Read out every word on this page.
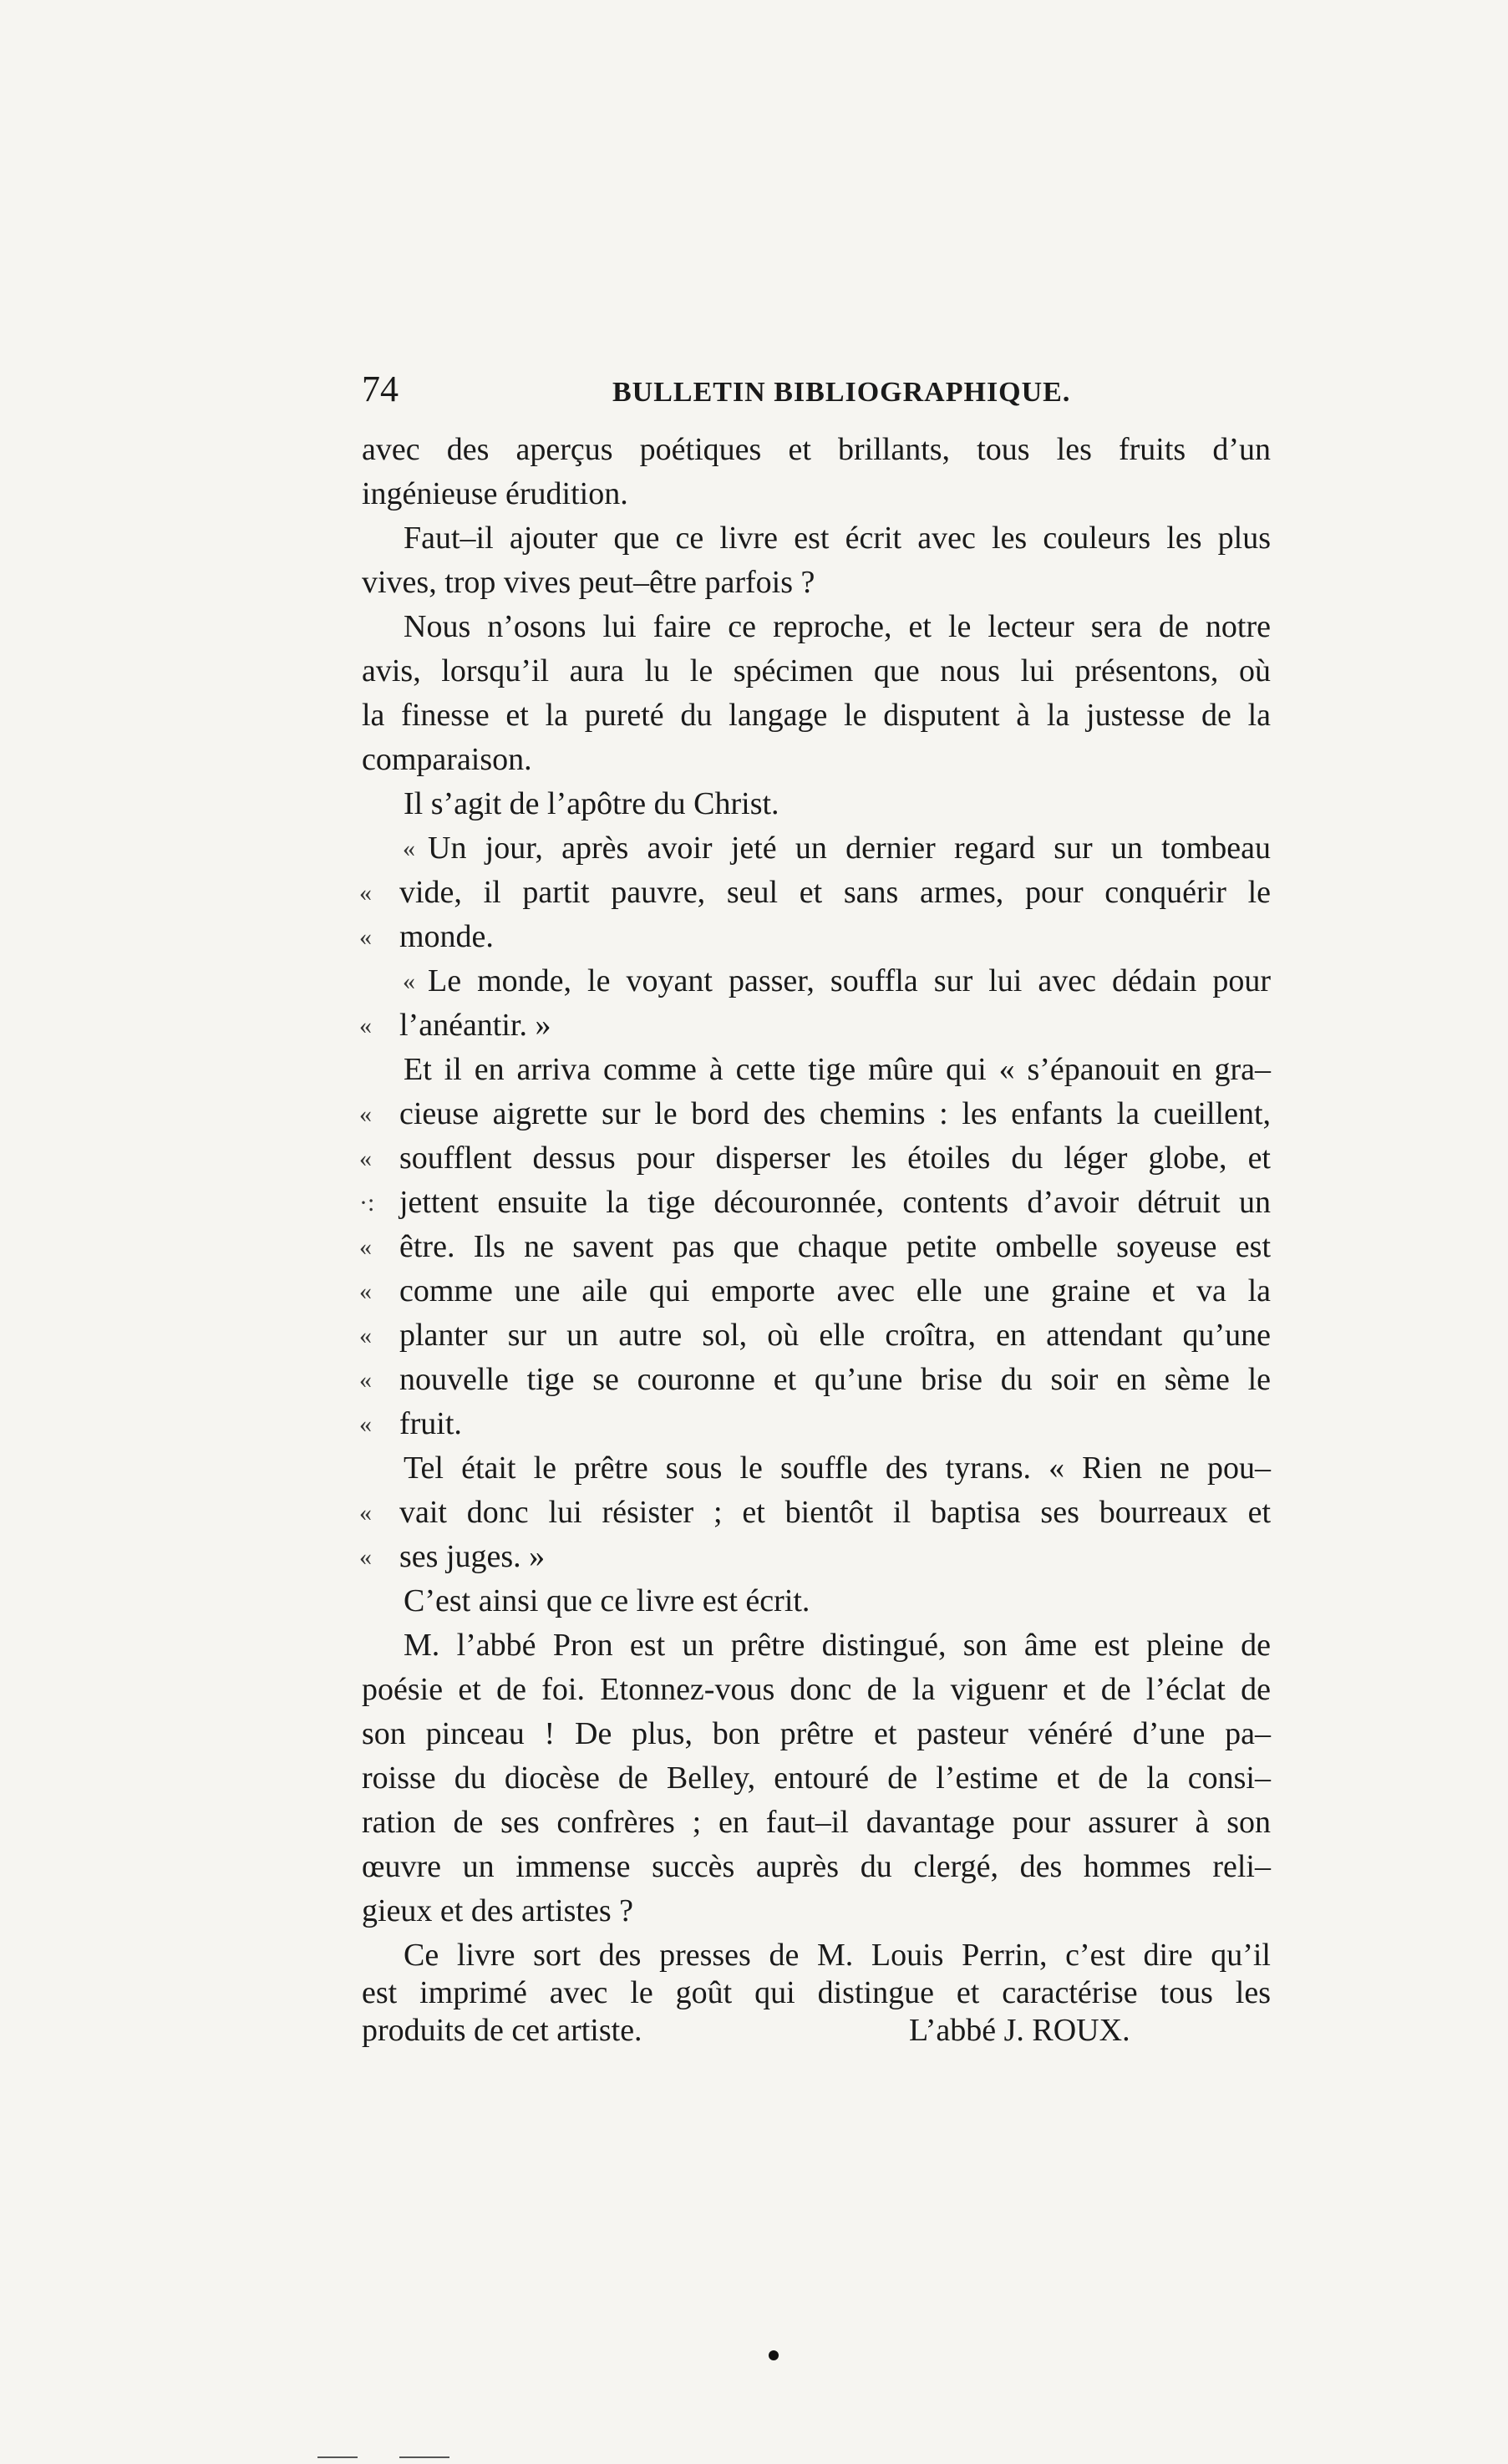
74	BULLETIN BIBLIOGRAPHIQUE.
avec des aperçus poétiques et brillants, tous les fruits d’un
ingénieuse érudition.
Faut–il ajouter que ce livre est écrit avec les couleurs les plus
vives, trop vives peut–être parfois ?
Nous n’osons lui faire ce reproche, et le lecteur sera de notre
avis, lorsqu’il aura lu le spécimen que nous lui présentons, où
la finesse et la pureté du langage le disputent à la justesse de la
comparaison.
Il s’agit de l’apôtre du Christ.
« Un jour, après avoir jeté un dernier regard sur un tombeau
« vide, il partit pauvre, seul et sans armes, pour conquérir le
« monde.
« Le monde, le voyant passer, souffla sur lui avec dédain pour
« l’anéantir. »
Et il en arriva comme à cette tige mûre qui « s’épanouit en gra–
« cieuse aigrette sur le bord des chemins : les enfants la cueillent,
« soufflent dessus pour disperser les étoiles du léger globe, et
·: jettent ensuite la tige découronnée, contents d’avoir détruit un
« être. Ils ne savent pas que chaque petite ombelle soyeuse est
« comme une aile qui emporte avec elle une graine et va la
« planter sur un autre sol, où elle croîtra, en attendant qu’une
« nouvelle tige se couronne et qu’une brise du soir en sème le
« fruit.
Tel était le prêtre sous le souffle des tyrans. « Rien ne pou–
« vait donc lui résister ; et bientôt il baptisa ses bourreaux et
« ses juges. »
C’est ainsi que ce livre est écrit.
M. l’abbé Pron est un prêtre distingué, son âme est pleine de
poésie et de foi. Etonnez-vous donc de la viguenr et de l’éclat de
son pinceau ! De plus, bon prêtre et pasteur vénéré d’une pa–
roisse du diocèse de Belley, entouré de l’estime et de la consi–
ration de ses confrères ; en faut–il davantage pour assurer à son
œuvre un immense succès auprès du clergé, des hommes reli–
gieux et des artistes ?
Ce livre sort des presses de M. Louis Perrin, c’est dire qu’il
est imprimé avec le goût qui distingue et caractérise tous les
produits de cet artiste.	L’abbé J. ROUX.
